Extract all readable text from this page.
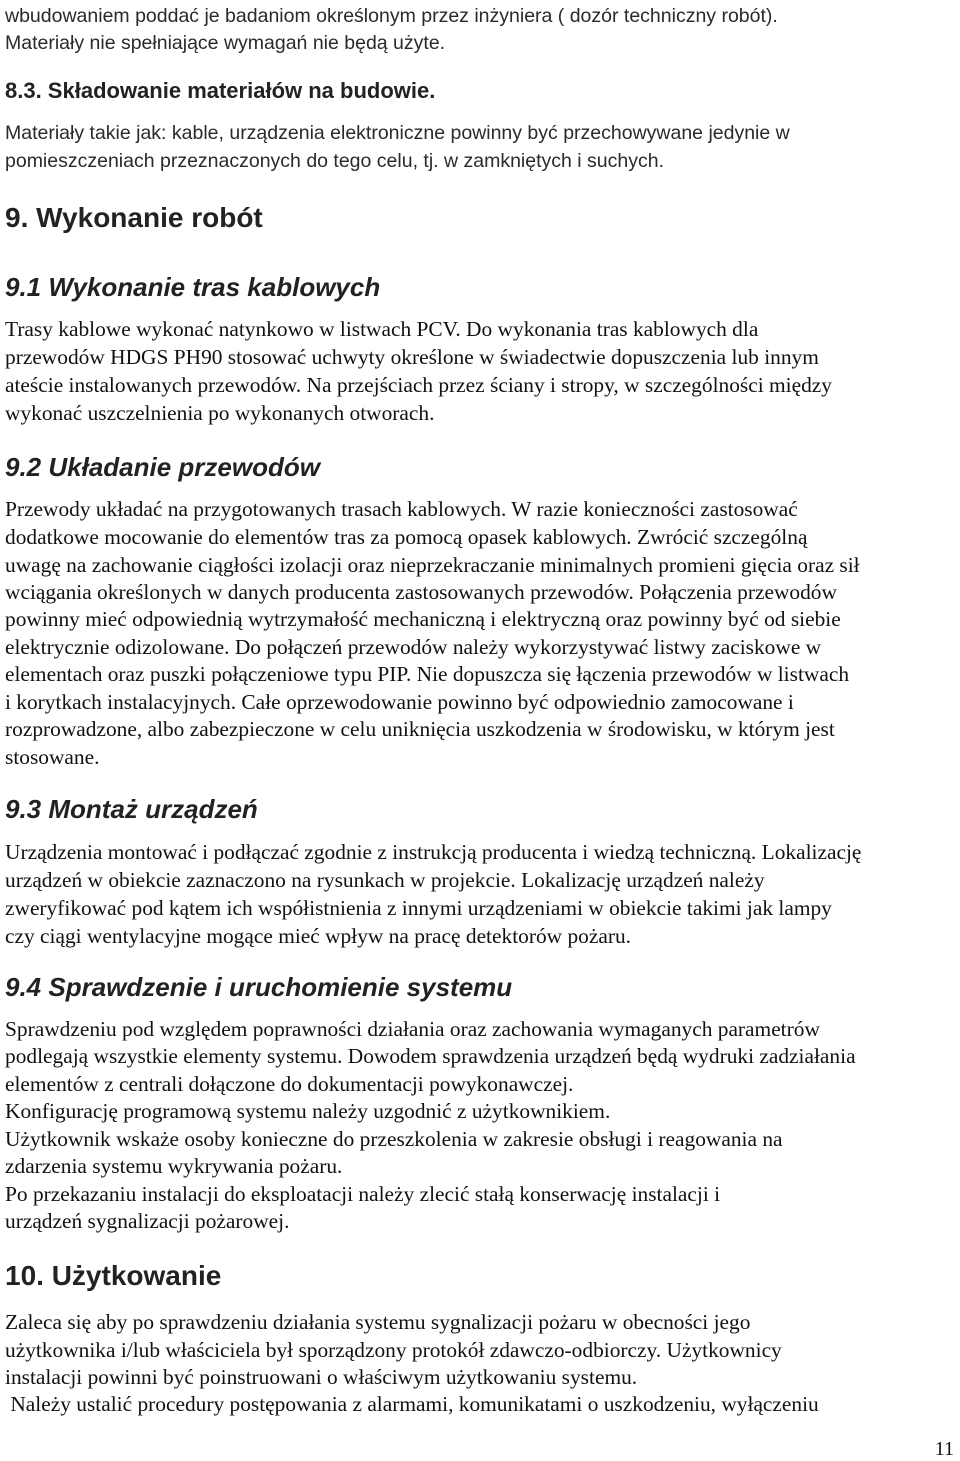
wbudowaniem poddać je badaniom określonym przez inżyniera ( dozór techniczny robót).
Materiały nie spełniające wymagań nie będą użyte.
8.3. Składowanie materiałów na budowie.
Materiały takie jak: kable, urządzenia elektroniczne powinny być przechowywane jedynie w
pomieszczeniach przeznaczonych do tego celu, tj. w zamkniętych i suchych.
9. Wykonanie robót
9.1 Wykonanie tras kablowych
Trasy kablowe wykonać natynkowo w listwach PCV. Do wykonania tras kablowych dla
przewodów HDGS PH90 stosować uchwyty określone w świadectwie dopuszczenia lub innym
ateście instalowanych przewodów. Na przejściach przez ściany i stropy, w szczególności między
wykonać uszczelnienia po wykonanych otworach.
9.2 Układanie przewodów
Przewody układać na przygotowanych trasach kablowych. W razie konieczności zastosować
dodatkowe mocowanie do elementów tras za pomocą opasek kablowych. Zwrócić szczególną
uwagę na zachowanie ciągłości izolacji oraz nieprzekraczanie minimalnych promieni gięcia oraz sił
wciągania określonych w danych producenta zastosowanych przewodów. Połączenia przewodów
powinny mieć odpowiednią wytrzymałość mechaniczną i elektryczną oraz powinny być od siebie
elektrycznie odizolowane. Do połączeń przewodów należy wykorzystywać listwy zaciskowe w
elementach oraz puszki połączeniowe typu PIP. Nie dopuszcza się łączenia przewodów w listwach
i korytkach instalacyjnych. Całe oprzewodowanie powinno być odpowiednio zamocowane i
rozprowadzone, albo zabezpieczone w celu uniknięcia uszkodzenia w środowisku, w którym jest
stosowane.
9.3 Montaż urządzeń
Urządzenia montować i podłączać zgodnie z instrukcją producenta i wiedzą techniczną. Lokalizację
urządzeń w obiekcie zaznaczono na rysunkach w projekcie. Lokalizację urządzeń należy
zweryfikować pod kątem ich współistnienia z innymi urządzeniami w obiekcie takimi jak lampy
czy ciągi wentylacyjne mogące mieć wpływ na pracę detektorów pożaru.
9.4 Sprawdzenie i uruchomienie systemu
Sprawdzeniu pod względem poprawności działania oraz zachowania wymaganych parametrów
podlegają wszystkie elementy systemu. Dowodem sprawdzenia urządzeń będą wydruki zadziałania
elementów z centrali dołączone do dokumentacji powykonawczej.
Konfigurację programową systemu należy uzgodnić z użytkownikiem.
Użytkownik wskaże osoby konieczne do przeszkolenia w zakresie obsługi i reagowania na
zdarzenia systemu wykrywania pożaru.
Po przekazaniu instalacji do eksploatacji należy zlecić stałą konserwację instalacji i
urządzeń sygnalizacji pożarowej.
10. Użytkowanie
Zaleca się aby po sprawdzeniu działania systemu sygnalizacji pożaru w obecności jego
użytkownika i/lub właściciela był sporządzony protokół zdawczo-odbiorczy. Użytkownicy
instalacji powinni być poinstruowani o właściwym użytkowaniu systemu.
Należy ustalić procedury postępowania z alarmami, komunikatami o uszkodzeniu, wyłączeniu
11
